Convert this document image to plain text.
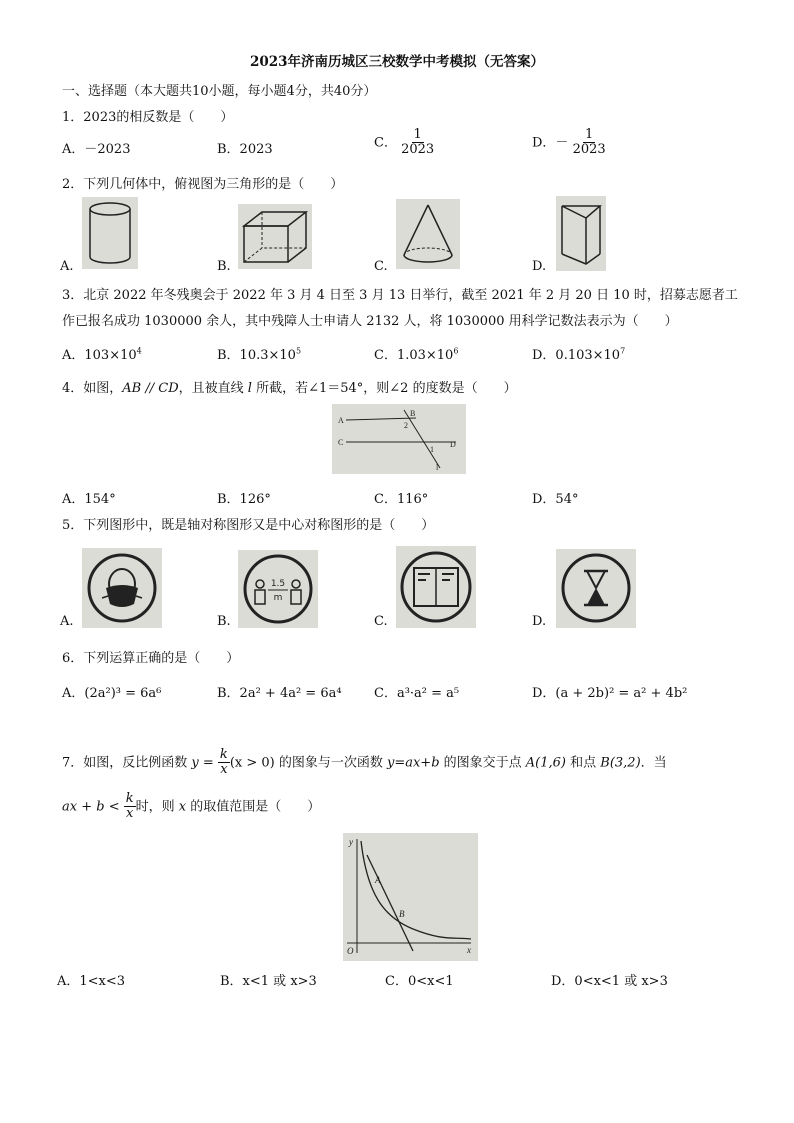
2023年济南历城区三校数学中考模拟（无答案）
一、选择题（本大题共10小题，每小题4分，共40分）
1．2023的相反数是（　　）
A．－2023	B．2023	C． $\frac{1}{2023}$	D．－ $\frac{1}{2023}$
2．下列几何体中，俯视图为三角形的是（　　）
A.	B.	C.	D.
3．北京 2022 年冬残奥会于 2022 年 3 月 4 日至 3 月 13 日举行，截至 2021 年 2 月 20 日 10 时，招募志愿者工
作已报名成功 1030000 余人，其中残障人士申请人 2132 人，将 1030000 用科学记数法表示为（　　）
A．$103\times 10^4$	B．$10.3\times 10^5$	C．$1.03\times 10^6$	D．$0.103\times 10^7$
4．如图，AB // CD，且被直线 l 所截，若∠1＝54°，则∠2 的度数是（　　）
A
B
C	D
2
1
l
A．154°	B．126°	C．116°	D．54°
5．下列图形中，既是轴对称图形又是中心对称图形的是（　　）
A.	B.
1.5
m
C.	D.
6．下列运算正确的是（　　）
A．(2a²)³ = 6a⁶	B．2a² + 4a² = 6a⁴ C．a³·a² = a⁵	D．(a + 2b)² = a² + 4b²
7．如图，反比例函数 $y = \frac{k}{x} (x > 0)$ 的图象与一次函数 y=ax+b 的图象交于点 A(1,6) 和点 B(3,2)．当
ax + $b < \frac{k}{x}$ 时，则 x 的取值范围是（　　）
y
x
O
A
B
A．1<x<3	B．x<1 或 x>3	C．0<x<1	D．0<x<1 或 x>3
